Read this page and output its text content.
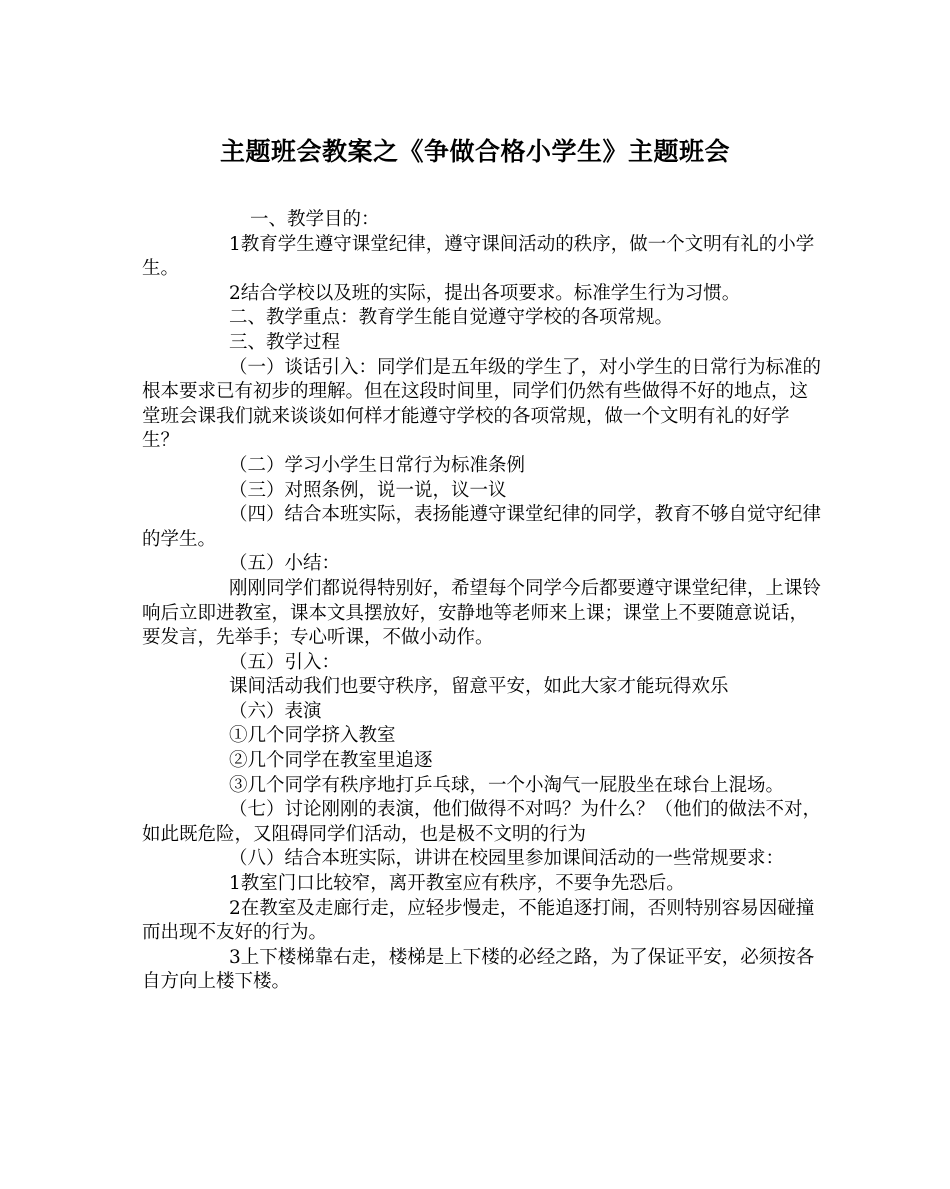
主题班会教案之《争做合格小学生》主题班会

一、教学目的：

1教育学生遵守课堂纪律，遵守课间活动的秩序，做一个文明有礼的小学生。

2结合学校以及班的实际，提出各项要求。标准学生行为习惯。

二、教学重点：教育学生能自觉遵守学校的各项常规。

三、教学过程

（一）谈话引入：同学们是五年级的学生了，对小学生的日常行为标准的根本要求已有初步的理解。但在这段时间里，同学们仍然有些做得不好的地点，这堂班会课我们就来谈谈如何样才能遵守学校的各项常规，做一个文明有礼的好学生？

（二）学习小学生日常行为标准条例

（三）对照条例，说一说，议一议

（四）结合本班实际，表扬能遵守课堂纪律的同学，教育不够自觉守纪律的学生。

（五）小结：

刚刚同学们都说得特别好，希望每个同学今后都要遵守课堂纪律，上课铃响后立即进教室，课本文具摆放好，安静地等老师来上课；课堂上不要随意说话，要发言，先举手；专心听课，不做小动作。

（五）引入：

课间活动我们也要守秩序，留意平安，如此大家才能玩得欢乐

（六）表演

①几个同学挤入教室

②几个同学在教室里追逐

③几个同学有秩序地打乒乓球，一个小淘气一屁股坐在球台上混场。

（七）讨论刚刚的表演，他们做得不对吗？为什么？（他们的做法不对，如此既危险，又阻碍同学们活动，也是极不文明的行为

（八）结合本班实际，讲讲在校园里参加课间活动的一些常规要求：

1教室门口比较窄，离开教室应有秩序，不要争先恐后。

2在教室及走廊行走，应轻步慢走，不能追逐打闹，否则特别容易因碰撞而出现不友好的行为。

3上下楼梯靠右走，楼梯是上下楼的必经之路，为了保证平安，必须按各自方向上楼下楼。
